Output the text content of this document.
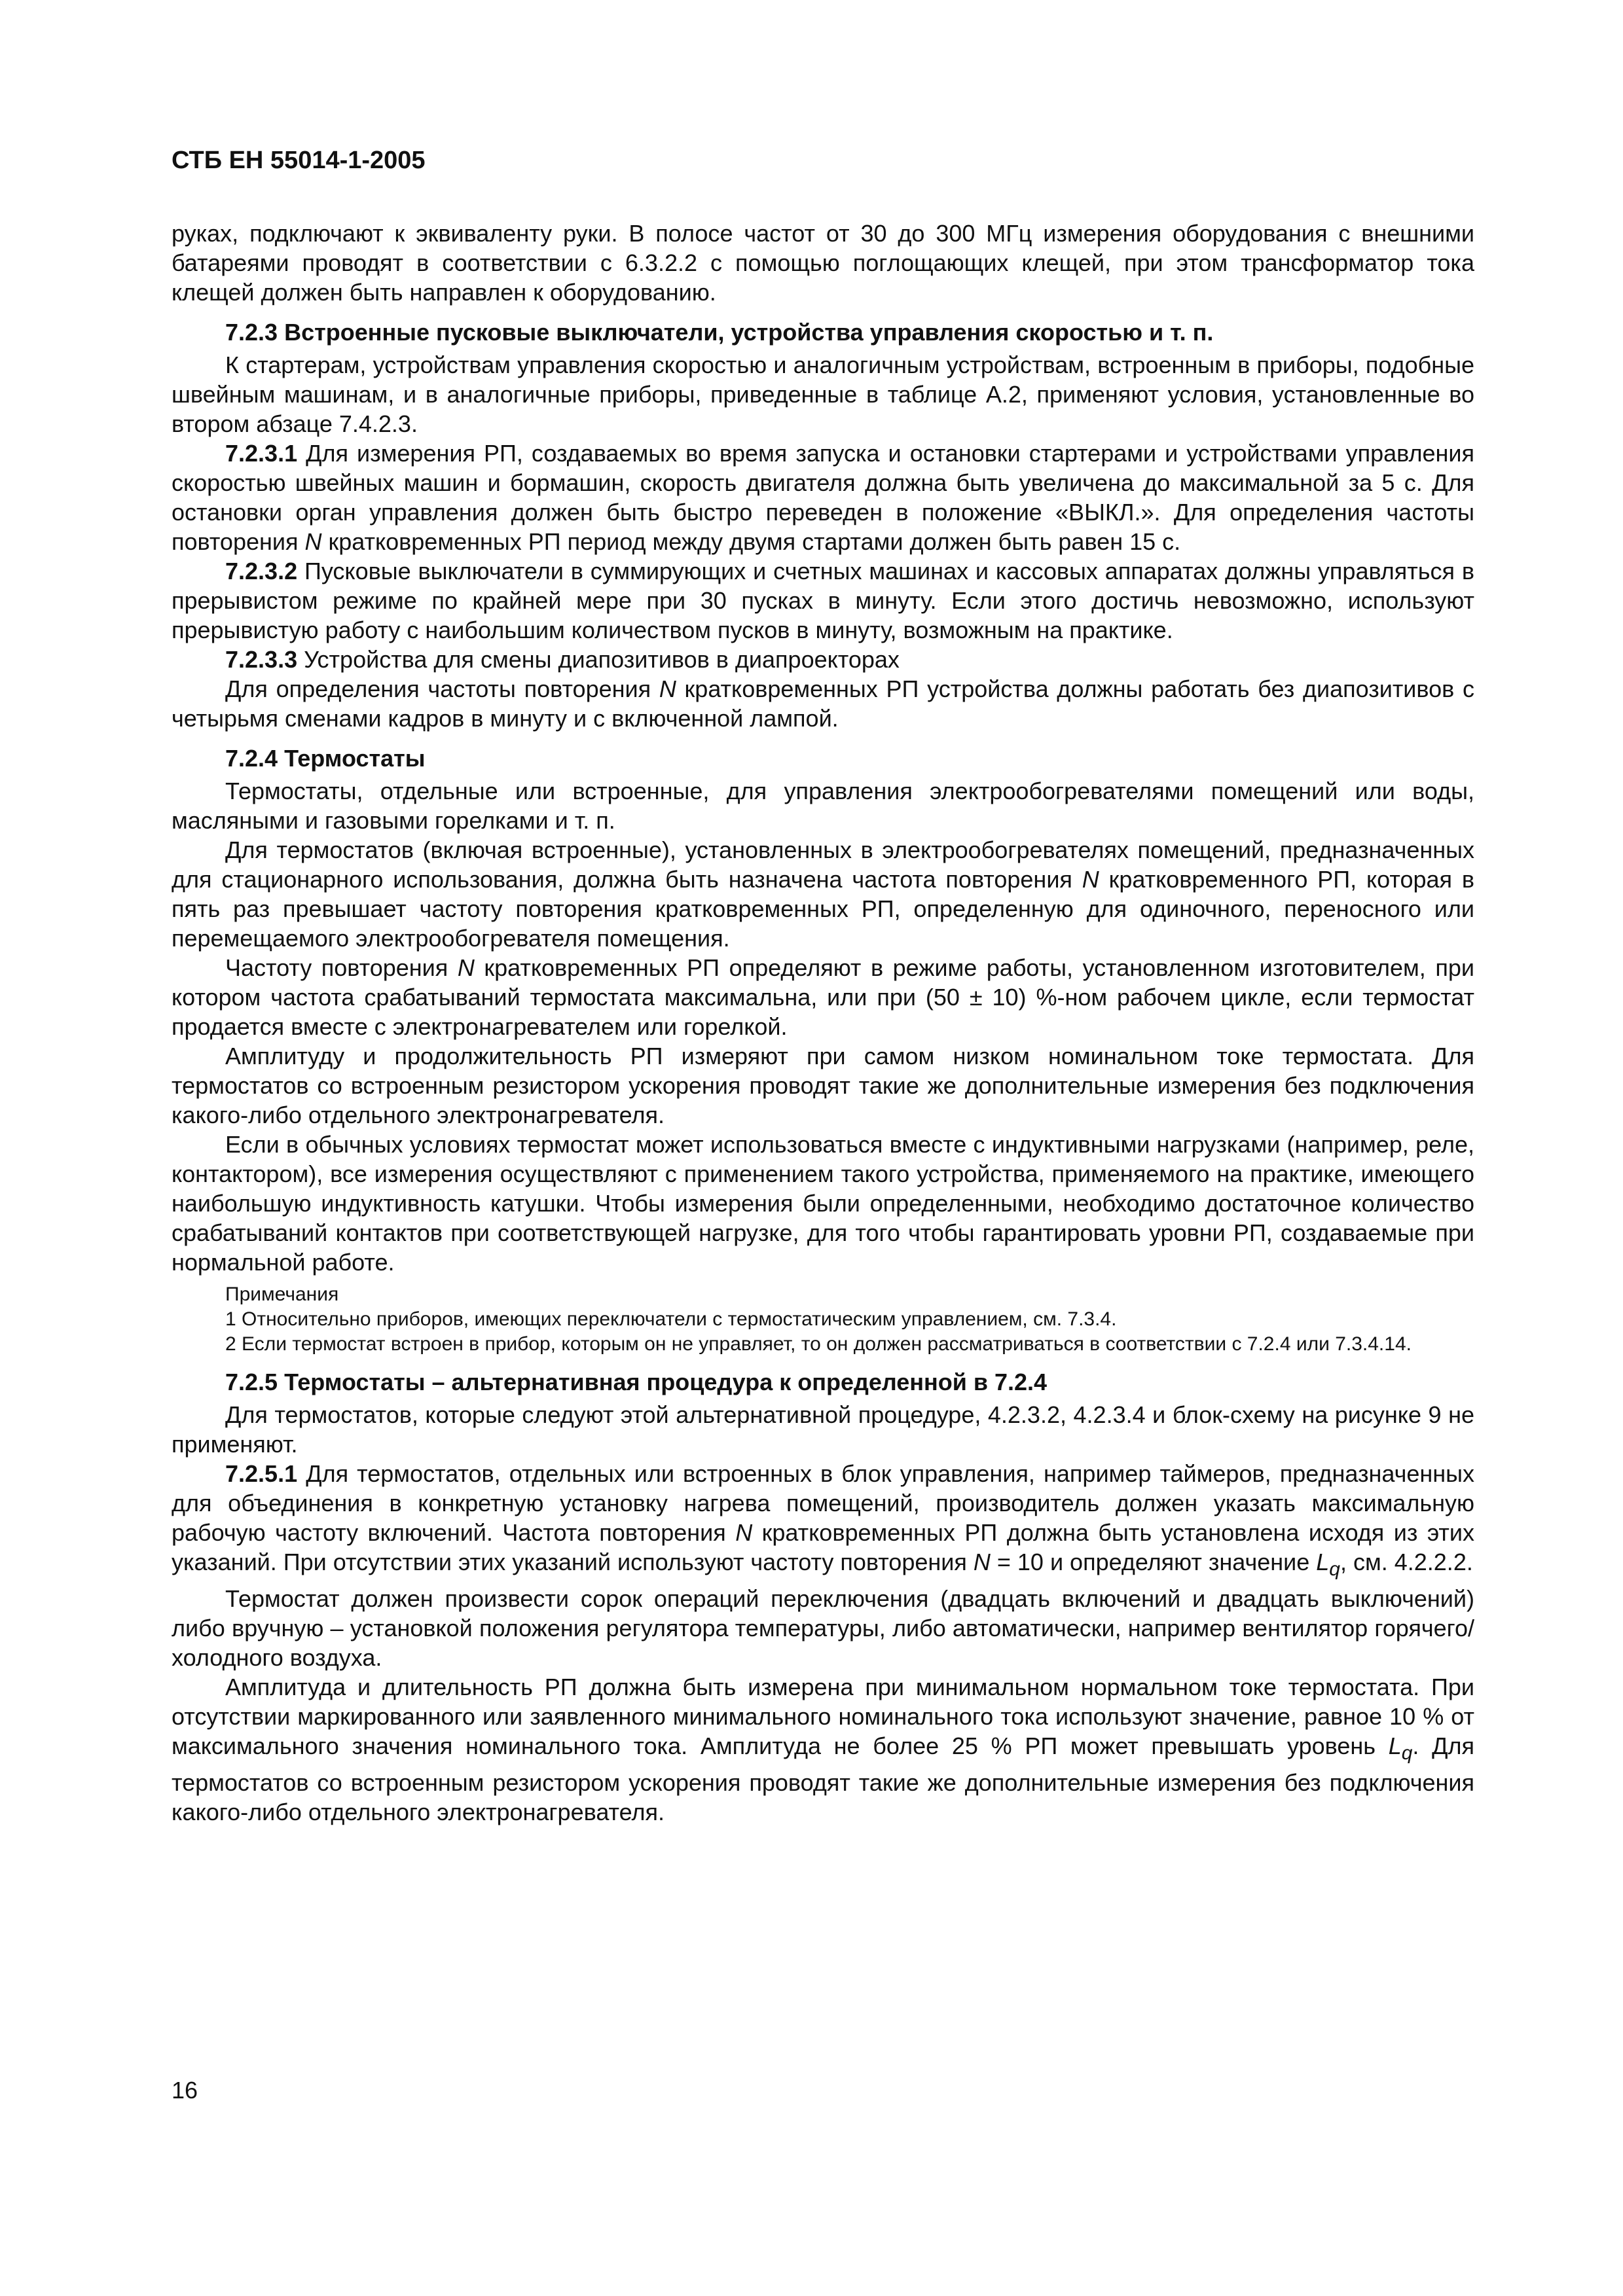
СТБ ЕН 55014-1-2005

руках, подключают к эквиваленту руки. В полосе частот от 30 до 300 МГц измерения оборудования с внешними батареями проводят в соответствии с 6.3.2.2 с помощью поглощающих клещей, при этом трансформатор тока клещей должен быть направлен к оборудованию.

7.2.3 Встроенные пусковые выключатели, устройства управления скоростью и т. п.

К стартерам, устройствам управления скоростью и аналогичным устройствам, встроенным в приборы, подобные швейным машинам, и в аналогичные приборы, приведенные в таблице А.2, применяют условия, установленные во втором абзаце 7.4.2.3.

7.2.3.1 Для измерения РП, создаваемых во время запуска и остановки стартерами и устройствами управления скоростью швейных машин и бормашин, скорость двигателя должна быть увеличена до максимальной за 5 с. Для остановки орган управления должен быть быстро переведен в положение «ВЫКЛ.». Для определения частоты повторения N кратковременных РП период между двумя стартами должен быть равен 15 с.

7.2.3.2 Пусковые выключатели в суммирующих и счетных машинах и кассовых аппаратах должны управляться в прерывистом режиме по крайней мере при 30 пусках в минуту. Если этого достичь невозможно, используют прерывистую работу с наибольшим количеством пусков в минуту, возможным на практике.

7.2.3.3 Устройства для смены диапозитивов в диапроекторах

Для определения частоты повторения N кратковременных РП устройства должны работать без диапозитивов с четырьмя сменами кадров в минуту и с включенной лампой.

7.2.4 Термостаты

Термостаты, отдельные или встроенные, для управления электрообогревателями помещений или воды, масляными и газовыми горелками и т. п.

Для термостатов (включая встроенные), установленных в электрообогревателях помещений, предназначенных для стационарного использования, должна быть назначена частота повторения N кратковременного РП, которая в пять раз превышает частоту повторения кратковременных РП, определенную для одиночного, переносного или перемещаемого электрообогревателя помещения.

Частоту повторения N кратковременных РП определяют в режиме работы, установленном изготовителем, при котором частота срабатываний термостата максимальна, или при (50 ± 10) %-ном рабочем цикле, если термостат продается вместе с электронагревателем или горелкой.

Амплитуду и продолжительность РП измеряют при самом низком номинальном токе термостата. Для термостатов со встроенным резистором ускорения проводят такие же дополнительные измерения без подключения какого-либо отдельного электронагревателя.

Если в обычных условиях термостат может использоваться вместе с индуктивными нагрузками (например, реле, контактором), все измерения осуществляют с применением такого устройства, применяемого на практике, имеющего наибольшую индуктивность катушки. Чтобы измерения были определенными, необходимо достаточное количество срабатываний контактов при соответствующей нагрузке, для того чтобы гарантировать уровни РП, создаваемые при нормальной работе.

Примечания

1 Относительно приборов, имеющих переключатели с термостатическим управлением, см. 7.3.4.

2 Если термостат встроен в прибор, которым он не управляет, то он должен рассматриваться в соответствии с 7.2.4 или 7.3.4.14.

7.2.5 Термостаты – альтернативная процедура к определенной в 7.2.4

Для термостатов, которые следуют этой альтернативной процедуре, 4.2.3.2, 4.2.3.4 и блок-схему на рисунке 9 не применяют.

7.2.5.1 Для термостатов, отдельных или встроенных в блок управления, например таймеров, предназначенных для объединения в конкретную установку нагрева помещений, производитель должен указать максимальную рабочую частоту включений. Частота повторения N кратковременных РП должна быть установлена исходя из этих указаний. При отсутствии этих указаний используют частоту повторения N = 10 и определяют значение $L_q$, см. 4.2.2.2.

Термостат должен произвести сорок операций переключения (двадцать включений и двадцать выключений) либо вручную – установкой положения регулятора температуры, либо автоматически, например вентилятор горячего/холодного воздуха.

Амплитуда и длительность РП должна быть измерена при минимальном нормальном токе термостата. При отсутствии маркированного или заявленного минимального номинального тока используют значение, равное 10 % от максимального значения номинального тока. Амплитуда не более 25 % РП может превышать уровень $L_q$. Для термостатов со встроенным резистором ускорения проводят такие же дополнительные измерения без подключения какого-либо отдельного электронагревателя.

16
